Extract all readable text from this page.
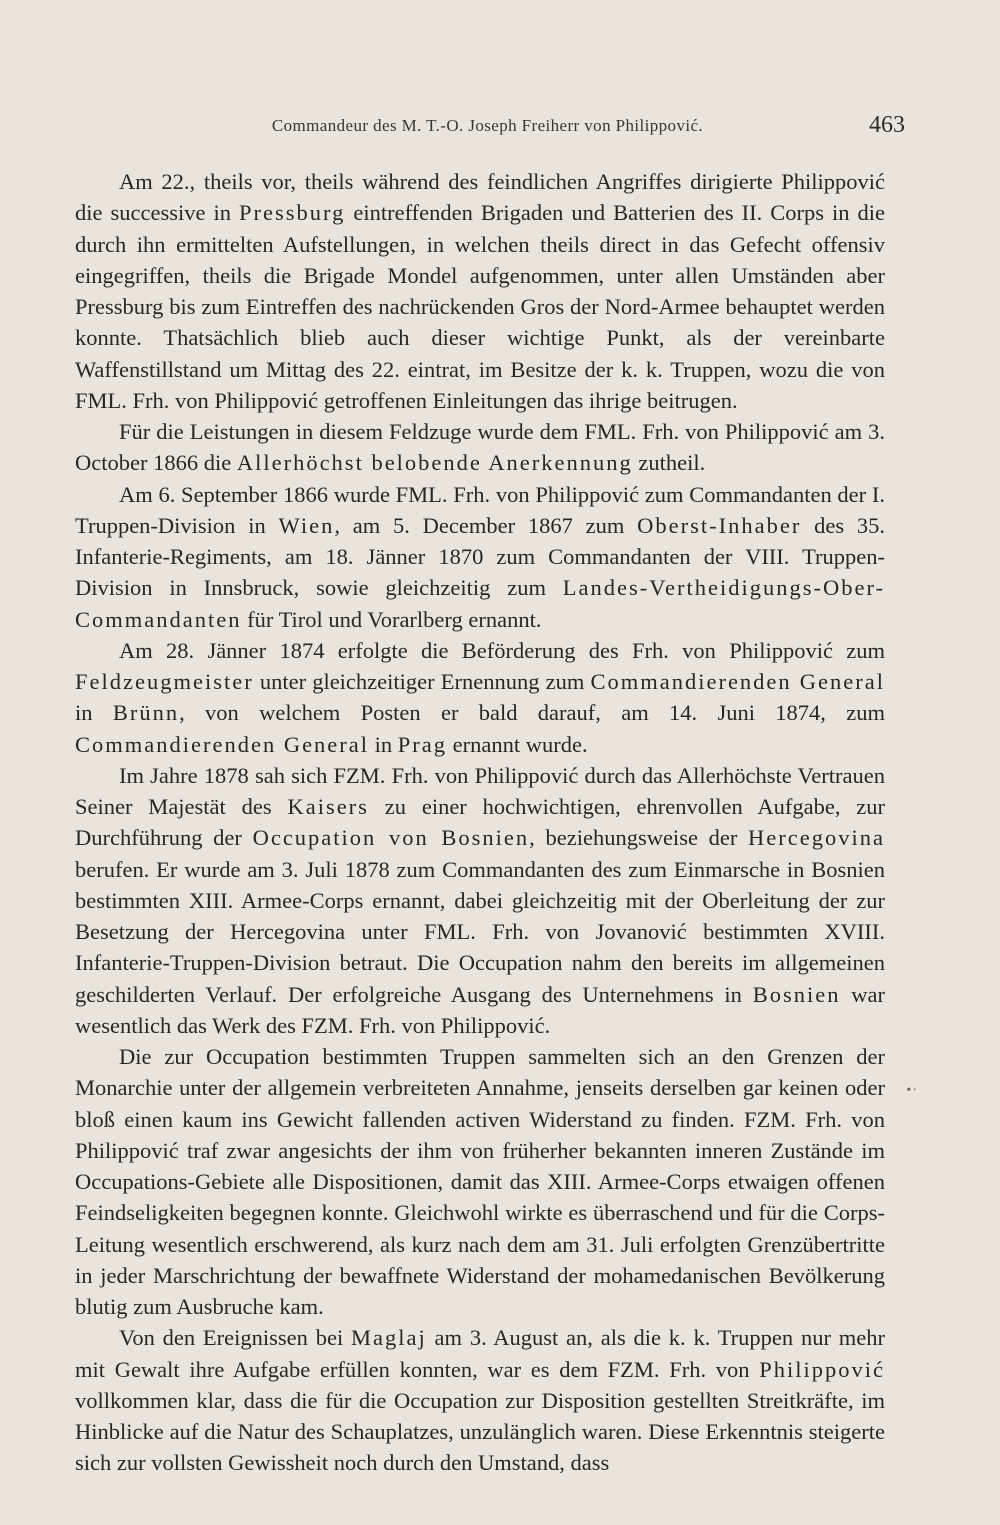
Commandeur des M. T.-O. Joseph Freiherr von Philippović.	463

Am 22., theils vor, theils während des feindlichen Angriffes dirigierte Philippović die successive in Pressburg eintreffenden Brigaden und Batterien des II. Corps in die durch ihn ermittelten Aufstellungen, in welchen theils direct in das Gefecht offensiv eingegriffen, theils die Brigade Mondel aufgenommen, unter allen Umständen aber Pressburg bis zum Eintreffen des nachrückenden Gros der Nord-Armee behauptet werden konnte. Thatsächlich blieb auch dieser wichtige Punkt, als der vereinbarte Waffenstillstand um Mittag des 22. eintrat, im Besitze der k. k. Truppen, wozu die von FML. Frh. von Philippović getroffenen Einleitungen das ihrige beitrugen.

Für die Leistungen in diesem Feldzuge wurde dem FML. Frh. von Philippović am 3. October 1866 die Allerhöchst belobende Anerkennung zutheil.

Am 6. September 1866 wurde FML. Frh. von Philippović zum Commandanten der I. Truppen-Division in Wien, am 5. December 1867 zum Oberst-Inhaber des 35. Infanterie-Regiments, am 18. Jänner 1870 zum Commandanten der VIII. Truppen-Division in Innsbruck, sowie gleichzeitig zum Landes-Vertheidigungs-Ober-Commandanten für Tirol und Vorarlberg ernannt.

Am 28. Jänner 1874 erfolgte die Beförderung des Frh. von Philippović zum Feldzeugmeister unter gleichzeitiger Ernennung zum Commandierenden General in Brünn, von welchem Posten er bald darauf, am 14. Juni 1874, zum Commandierenden General in Prag ernannt wurde.

Im Jahre 1878 sah sich FZM. Frh. von Philippović durch das Allerhöchste Vertrauen Seiner Majestät des Kaisers zu einer hochwichtigen, ehrenvollen Aufgabe, zur Durchführung der Occupation von Bosnien, beziehungsweise der Hercegovina berufen. Er wurde am 3. Juli 1878 zum Commandanten des zum Einmarsche in Bosnien bestimmten XIII. Armee-Corps ernannt, dabei gleichzeitig mit der Oberleitung der zur Besetzung der Hercegovina unter FML. Frh. von Jovanović bestimmten XVIII. Infanterie-Truppen-Division betraut. Die Occupation nahm den bereits im allgemeinen geschilderten Verlauf. Der erfolgreiche Ausgang des Unternehmens in Bosnien war wesentlich das Werk des FZM. Frh. von Philippović.

Die zur Occupation bestimmten Truppen sammelten sich an den Grenzen der Monarchie unter der allgemein verbreiteten Annahme, jenseits derselben gar keinen oder bloß einen kaum ins Gewicht fallenden activen Widerstand zu finden. FZM. Frh. von Philippović traf zwar angesichts der ihm von früherher bekannten inneren Zustände im Occupations-Gebiete alle Dispositionen, damit das XIII. Armee-Corps etwaigen offenen Feindseligkeiten begegnen konnte. Gleichwohl wirkte es überraschend und für die Corps-Leitung wesentlich erschwerend, als kurz nach dem am 31. Juli erfolgten Grenzübertritte in jeder Marschrichtung der bewaffnete Widerstand der mohamedanischen Bevölkerung blutig zum Ausbruche kam.

Von den Ereignissen bei Maglaj am 3. August an, als die k. k. Truppen nur mehr mit Gewalt ihre Aufgabe erfüllen konnten, war es dem FZM. Frh. von Philippović vollkommen klar, dass die für die Occupation zur Disposition gestellten Streitkräfte, im Hinblicke auf die Natur des Schauplatzes, unzulänglich waren. Diese Erkenntnis steigerte sich zur vollsten Gewissheit noch durch den Umstand, dass

•·
